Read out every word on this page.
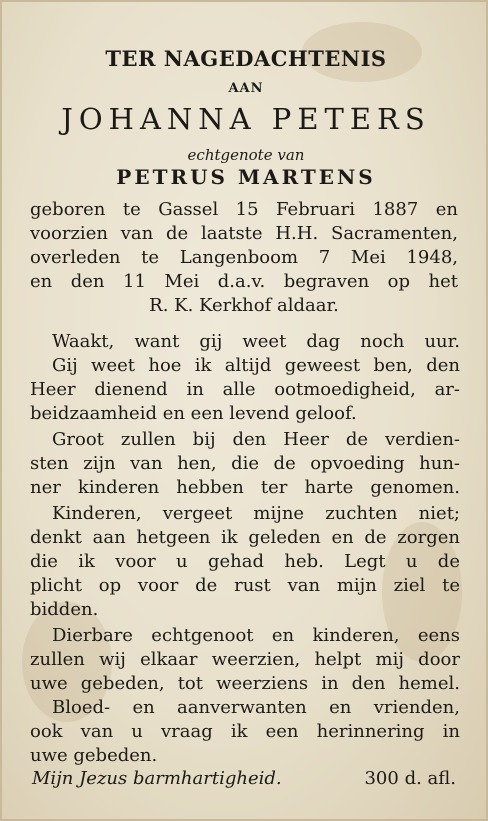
TER NAGEDACHTENIS
AAN
JOHANNA PETERS
echtgenote van
PETRUS MARTENS
geboren te Gassel 15 Februari 1887 en
voorzien van de laatste H.H. Sacramenten,
overleden te Langenboom 7 Mei 1948,
en den 11 Mei d.a.v. begraven op het
R. K. Kerkhof aldaar.
Waakt, want gij weet dag noch uur.
Gij weet hoe ik altijd geweest ben, den
Heer dienend in alle ootmoedigheid, ar-
beidzaamheid en een levend geloof.
Groot zullen bij den Heer de verdien-
sten zijn van hen, die de opvoeding hun-
ner kinderen hebben ter harte genomen.
Kinderen, vergeet mijne zuchten niet;
denkt aan hetgeen ik geleden en de zorgen
die ik voor u gehad heb. Legt u de
plicht op voor de rust van mijn ziel te
bidden.
Dierbare echtgenoot en kinderen, eens
zullen wij elkaar weerzien, helpt mij door
uwe gebeden, tot weerziens in den hemel.
Bloed- en aanverwanten en vrienden,
ook van u vraag ik een herinnering in
uwe gebeden.
Mijn Jezus barmhartigheid.	300 d. afl.
